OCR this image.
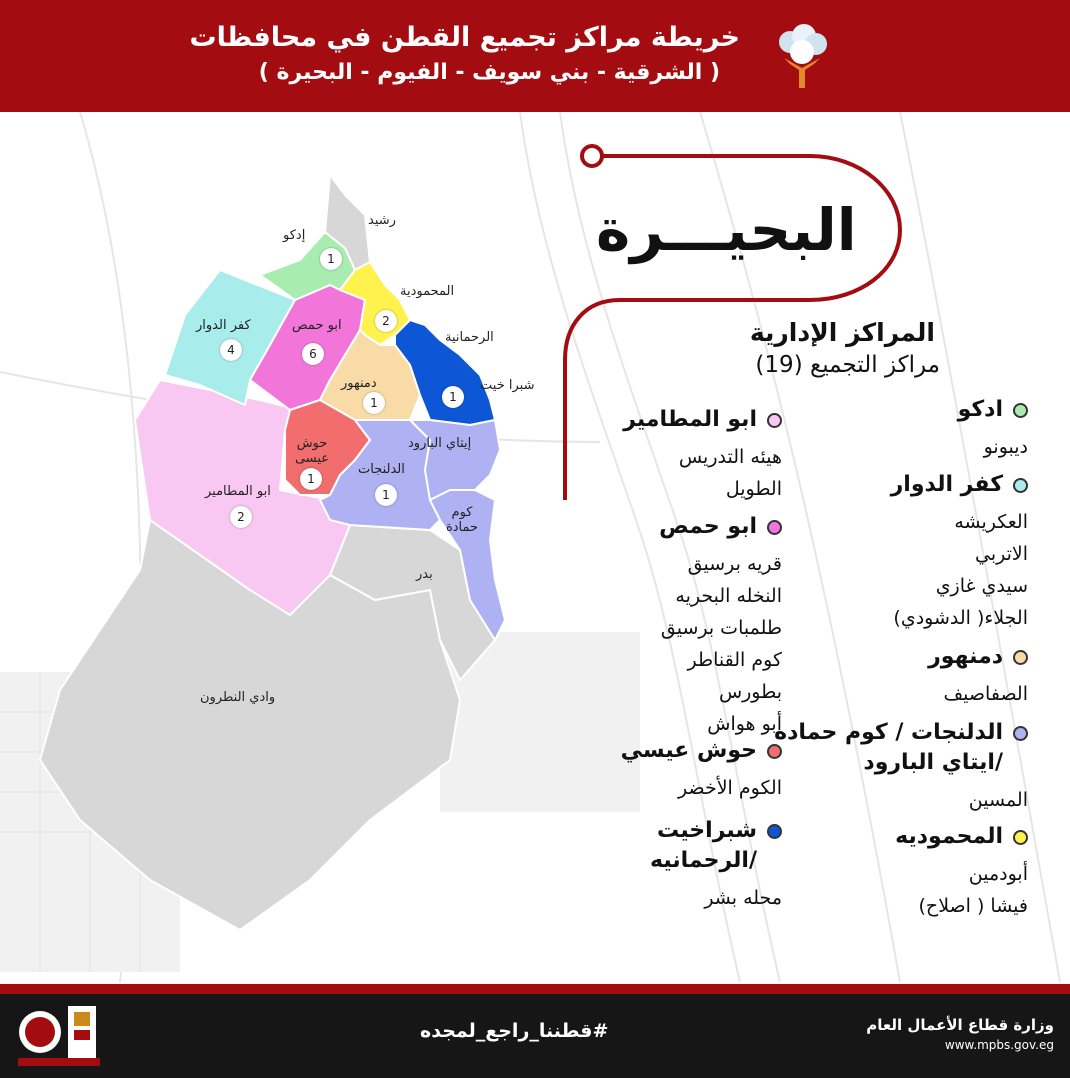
خريطة مراكز تجميع القطن في محافظات
( الشرقية - بني سويف - الفيوم - البحيرة )
رشيد
إدكو
المحمودية
الرحمانية
كفر الدوار	ابو حمص
دمنهور	شبرا خيت
إيتاي البارود
حوش عيسى
الدلنجات
كوم حمادة
ابو المطامير
بدر
وادي النطرون
1
2
4	6
1	1
1
1
2
البحيـــرة
المراكز الإدارية
مراكز التجميع (19)
ابو المطامير
هيئه التدريس
الطويل
ابو حمص
قريه برسيق
النخله البحريه
طلمبات برسيق
كوم القناطر
بطورس
أبو هواش
حوش عيسي
الكوم الأخضر
شبراخيت
/الرحمانيه
محله بشر
ادكو
ديبونو
كفر الدوار
العكريشه
الاتربي
سيدي غازي
الجلاء( الدشودي)
دمنهور
الصفاصيف
الدلنجات / كوم حماده
/ايتاي البارود
المسين
المحموديه
أبودمين
فيشا ( اصلاح)
#قطننا_راجع_لمجده	وزارة قطاع الأعمال العام
www.mpbs.gov.eg
